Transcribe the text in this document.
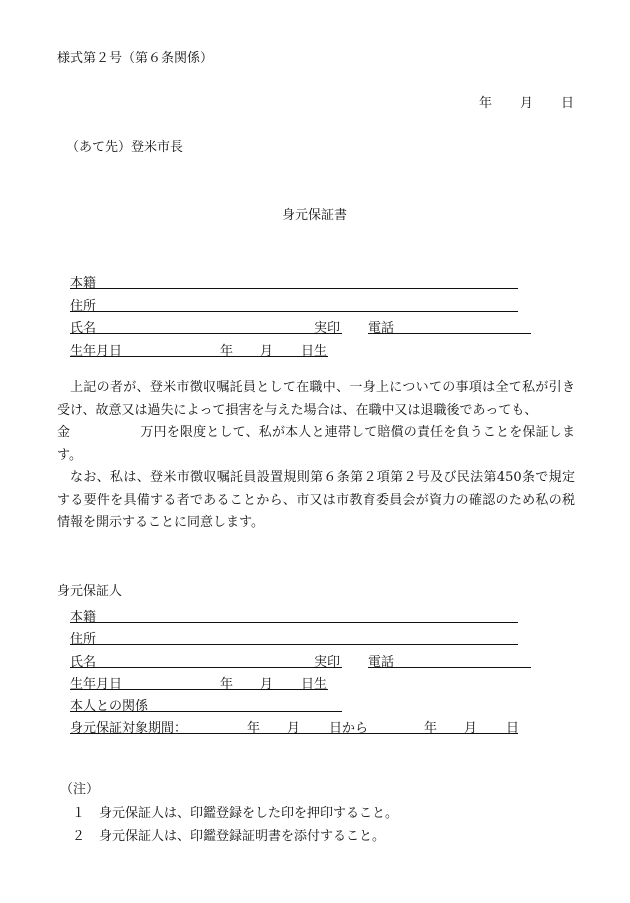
様式第２号（第６条関係）
年 月 日
（あて先）登米市長
身元保証書
本籍
住所
氏名	実印 電話
生年月日	年 月 日生

上記の者が、登米市徴収嘱託員として在職中、一身上についての事項は全て私が引き受け、故意又は過失によって損害を与えた場合は、在職中又は退職後であっても、
金	万円を限度として、私が本人と連帯して賠償の責任を負うことを保証します。

なお、私は、登米市徴収嘱託員設置規則第６条第２項第２号及び民法第450条で規定する要件を具備する者であることから、市又は市教育委員会が資力の確認のため私の税情報を開示することに同意します。

身元保証人
本籍
住所
氏名	実印 電話
生年月日	年 月 日生
本人との関係
身元保証対象期間：	年 月 日から	年 月 日
（注）
１ 身元保証人は、印鑑登録をした印を押印すること。
２ 身元保証人は、印鑑登録証明書を添付すること。
